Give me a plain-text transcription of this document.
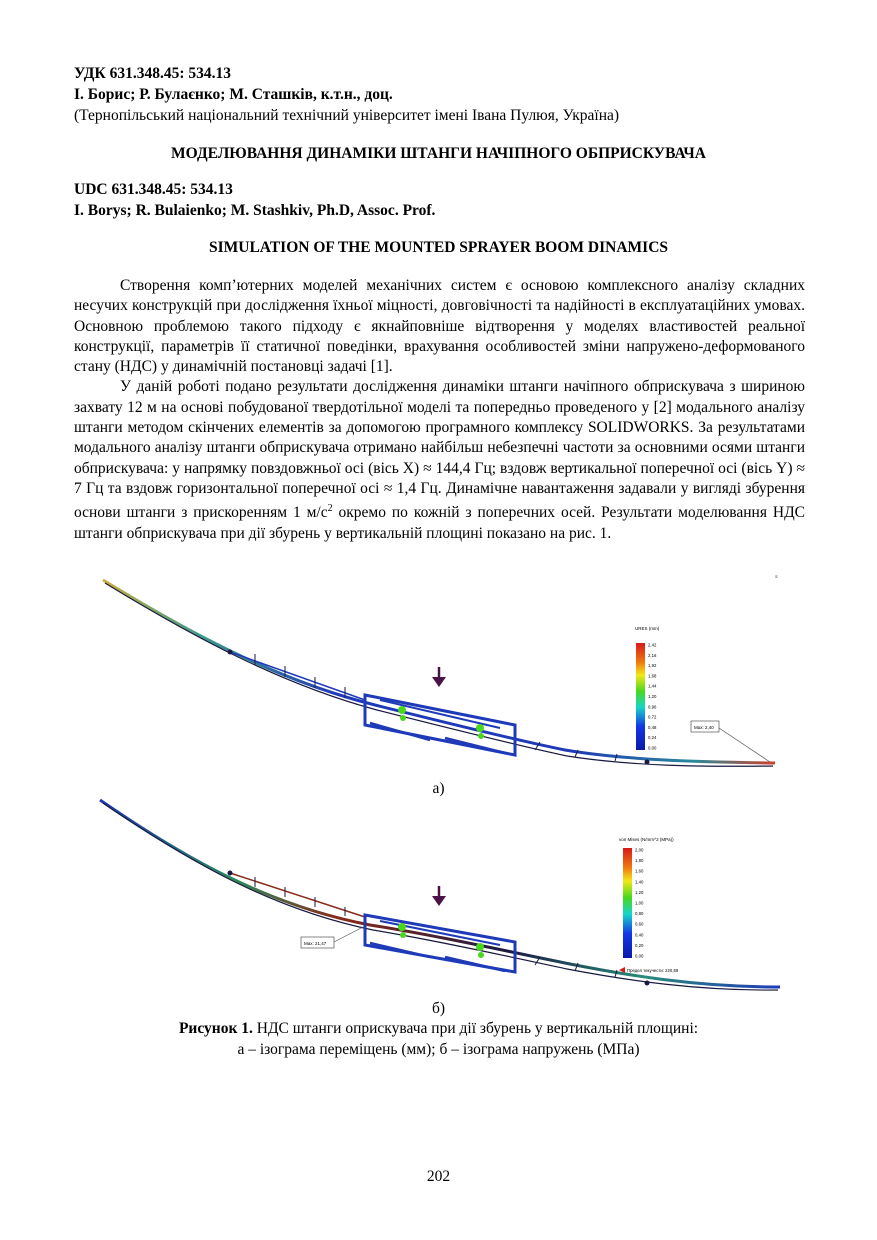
УДК 631.348.45: 534.13
І. Борис; Р. Булаєнко; М. Сташків, к.т.н., доц.
(Тернопільський національний технічний університет імені Івана Пулюя, Україна)
МОДЕЛЮВАННЯ ДИНАМІКИ ШТАНГИ НАЧІПНОГО ОБПРИСКУВАЧА
UDC 631.348.45: 534.13
I. Borys; R. Bulaienko; M. Stashkiv, Ph.D, Assoc. Prof.
SIMULATION OF THE MOUNTED SPRAYER BOOM DINAMICS

Створення комп’ютерних моделей механічних систем є основою комплексного аналізу складних несучих конструкцій при дослідження їхньої міцності, довговічності та надійності в експлуатаційних умовах. Основною проблемою такого підходу є якнайповніше відтворення у моделях властивостей реальної конструкції, параметрів її статичної поведінки, врахування особливостей зміни напружено-деформованого стану (НДС) у динамічній постановці задачі [1].

У даній роботі подано результати дослідження динаміки штанги начіпного обприскувача з шириною захвату 12 м на основі побудованої твердотільної моделі та попередньо проведеного у [2] модального аналізу штанги методом скінчених елементів за допомогою програмного комплексу SOLIDWORKS. За результатами модального аналізу штанги обприскувача отримано найбільш небезпечні частоти за основними осями штанги обприскувача: у напрямку повздовжньої осі (вісь X) ≈ 144,4 Гц; вздовж вертикальної поперечної осі (вісь Y) ≈ 7 Гц та вздовж горизонтальної поперечної осі ≈ 1,4 Гц. Динамічне навантаження задавали у вигляді збурення основи штанги з прискоренням 1 $м/с^2$ окремо по кожній з поперечних осей. Результати моделювання НДС штанги обприскувача при дії збурень у вертикальній площині показано на рис. 1.

≡
URES (mm)
2,42
2,16
1,92
1,68
1,44
1,20
0,96
0,72
0,48
0,24
0,00
Max: 2,40
а)
von Mises (N/mm^2 (MPa))
2,00
1,80
1,60
1,40
1,20
1,00
0,80
0,60
0,40
0,20
0,00
Предел текучести: 220,59
Max: 21,47
б)
Рисунок 1. НДС штанги оприскувача при дії збурень у вертикальній площині:
а – ізограма переміщень (мм); б – ізограма напружень (МПа)
202
